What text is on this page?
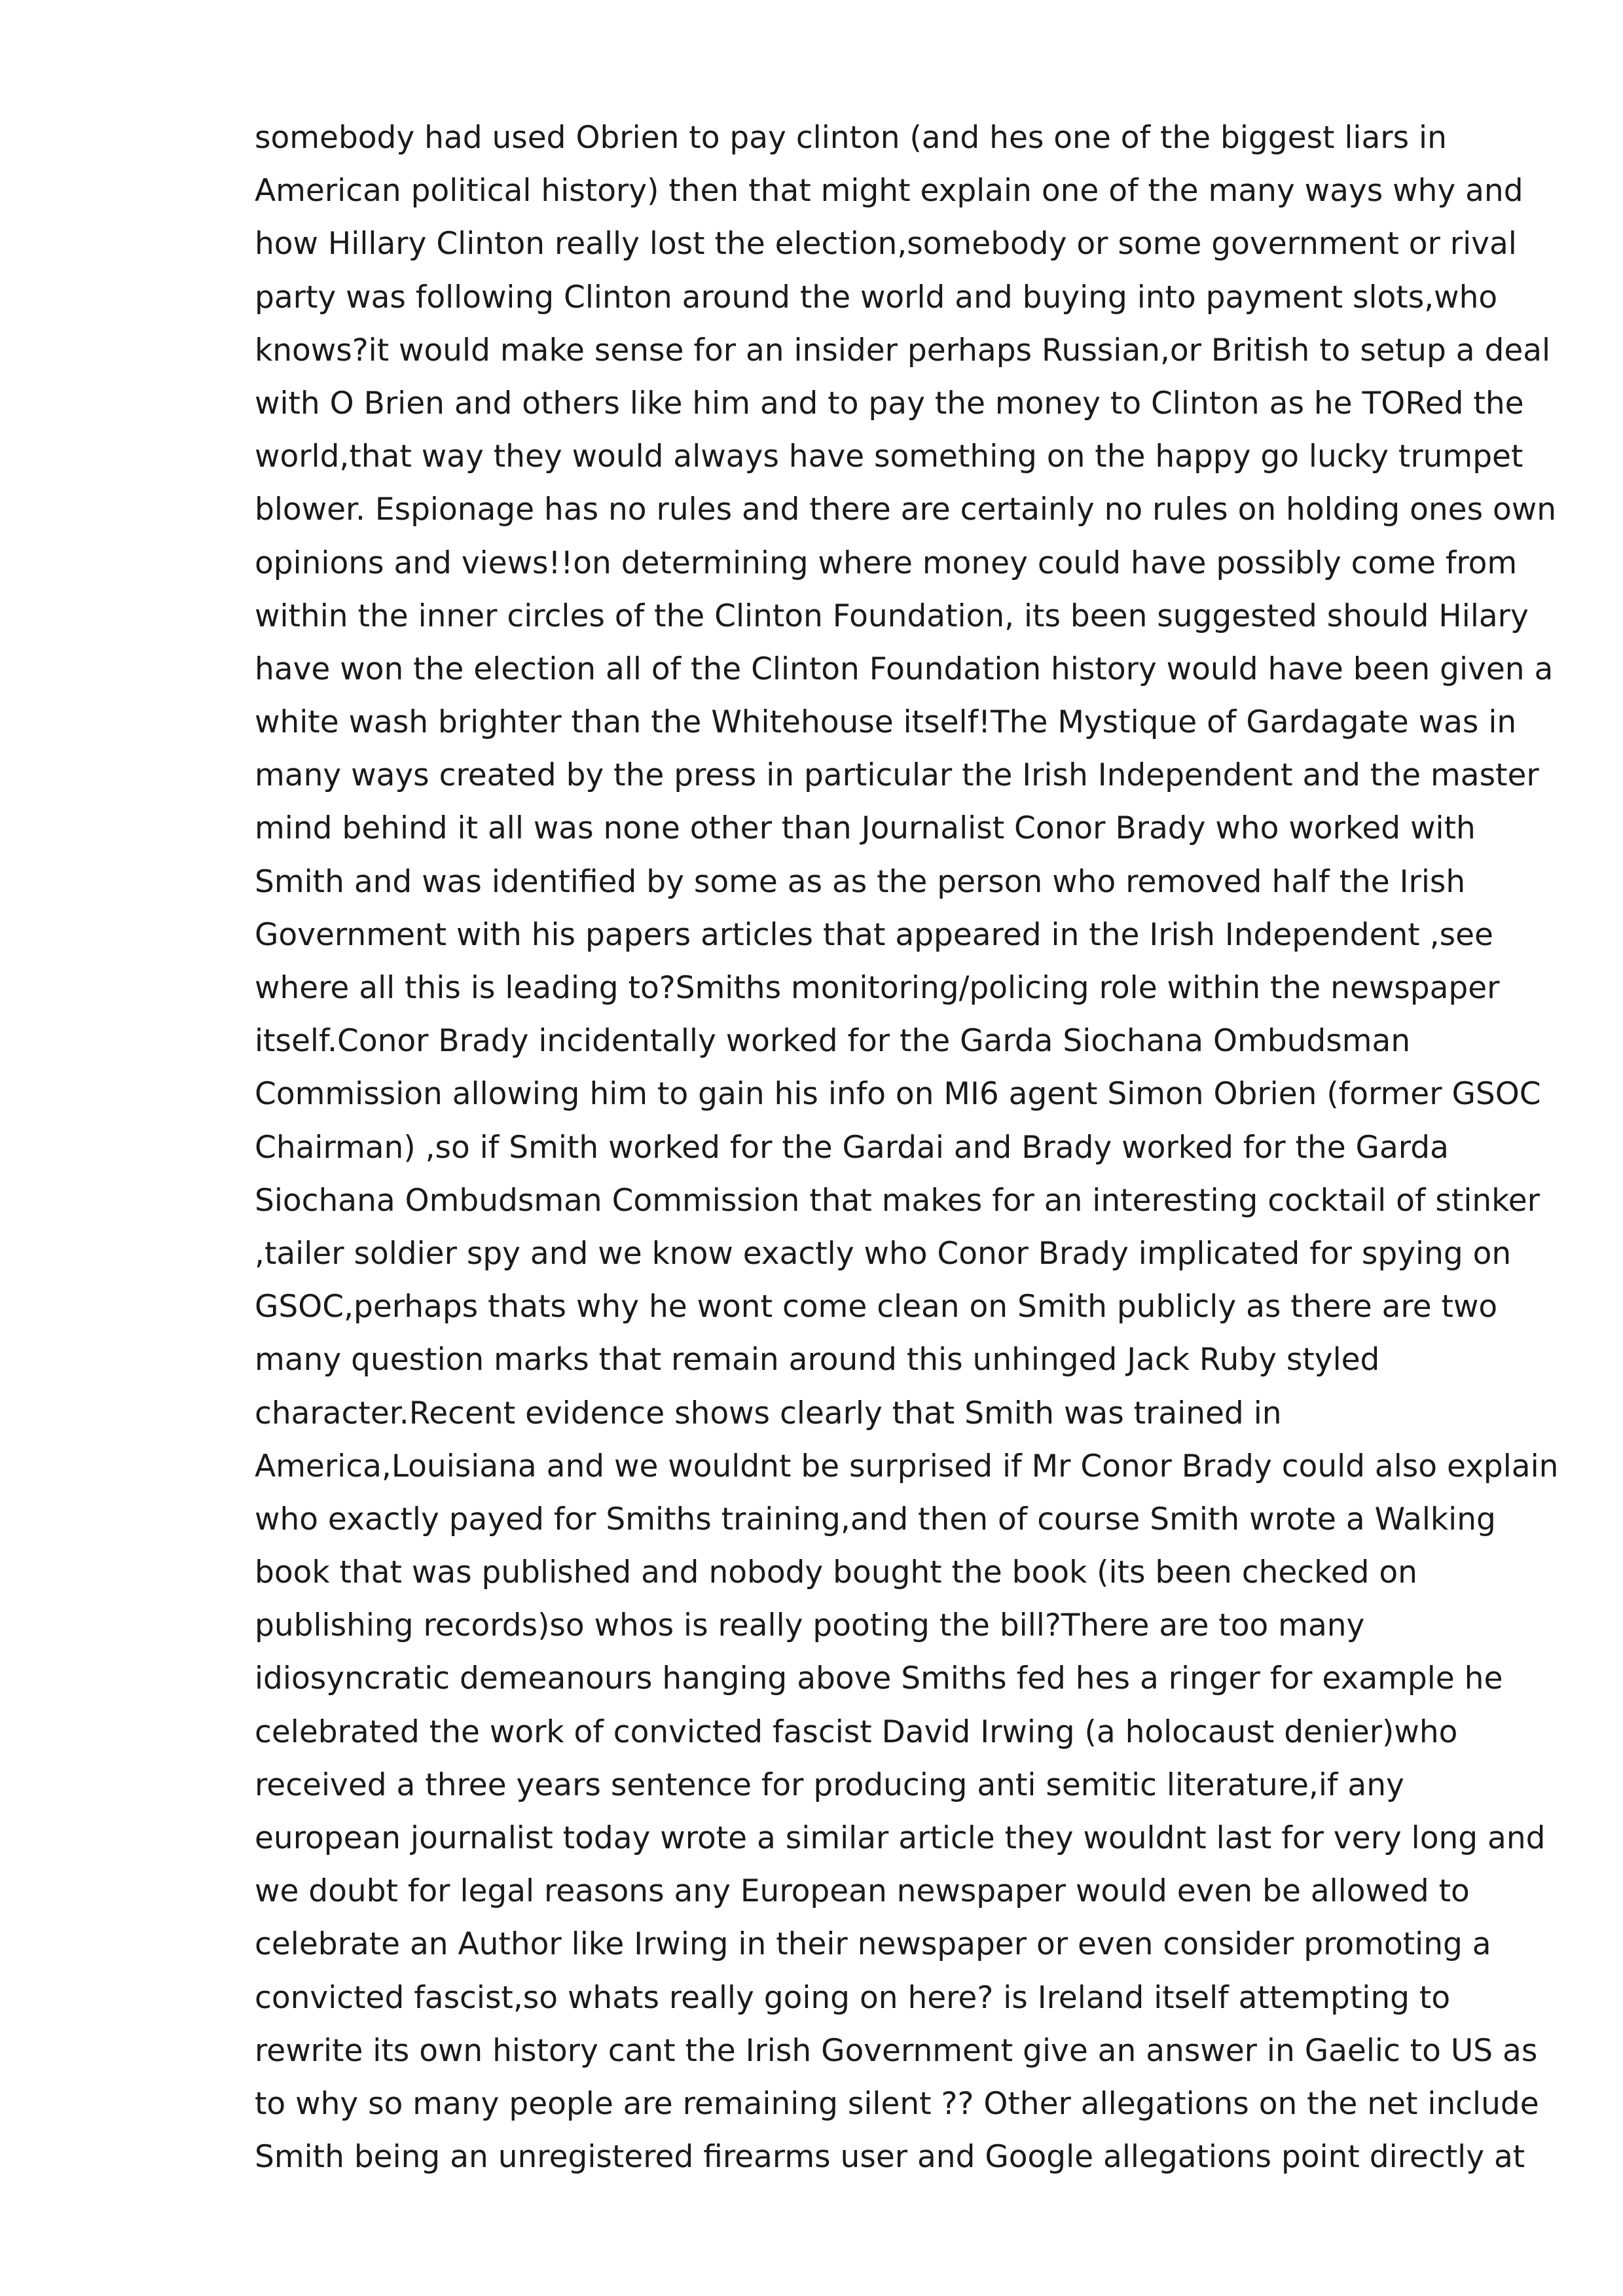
somebody had used Obrien to pay clinton (and hes one of the biggest liars in
American political history) then that might explain one of the many ways why and
how Hillary Clinton really lost the election,somebody or some government or rival
party was following Clinton around the world and buying into payment slots,who
knows?it would make sense for an insider perhaps Russian,or British to setup a deal
with O Brien and others like him and to pay the money to Clinton as he TORed the
world,that way they would always have something on the happy go lucky trumpet
blower. Espionage has no rules and there are certainly no rules on holding ones own
opinions and views!!on determining where money could have possibly come from
within the inner circles of the Clinton Foundation, its been suggested should Hilary
have won the election all of the Clinton Foundation history would have been given a
white wash brighter than the Whitehouse itself!The Mystique of Gardagate was in
many ways created by the press in particular the Irish Independent and the master
mind behind it all was none other than Journalist Conor Brady who worked with
Smith and was identified by some as as the person who removed half the Irish
Government with his papers articles that appeared in the Irish Independent ,see
where all this is leading to?Smiths monitoring/policing role within the newspaper
itself.Conor Brady incidentally worked for the Garda Siochana Ombudsman
Commission allowing him to gain his info on MI6 agent Simon Obrien (former GSOC
Chairman) ,so if Smith worked for the Gardai and Brady worked for the Garda
Siochana Ombudsman Commission that makes for an interesting cocktail of stinker
,tailer soldier spy and we know exactly who Conor Brady implicated for spying on
GSOC,perhaps thats why he wont come clean on Smith publicly as there are two
many question marks that remain around this unhinged Jack Ruby styled
character.Recent evidence shows clearly that Smith was trained in
America,Louisiana and we wouldnt be surprised if Mr Conor Brady could also explain
who exactly payed for Smiths training,and then of course Smith wrote a Walking
book that was published and nobody bought the book (its been checked on
publishing records)so whos is really pooting the bill?There are too many
idiosyncratic demeanours hanging above Smiths fed hes a ringer for example he
celebrated the work of convicted fascist David Irwing (a holocaust denier)who
received a three years sentence for producing anti semitic literature,if any
european journalist today wrote a similar article they wouldnt last for very long and
we doubt for legal reasons any European newspaper would even be allowed to
celebrate an Author like Irwing in their newspaper or even consider promoting a
convicted fascist,so whats really going on here? is Ireland itself attempting to
rewrite its own history cant the Irish Government give an answer in Gaelic to US as
to why so many people are remaining silent ?? Other allegations on the net include
Smith being an unregistered firearms user and Google allegations point directly at
